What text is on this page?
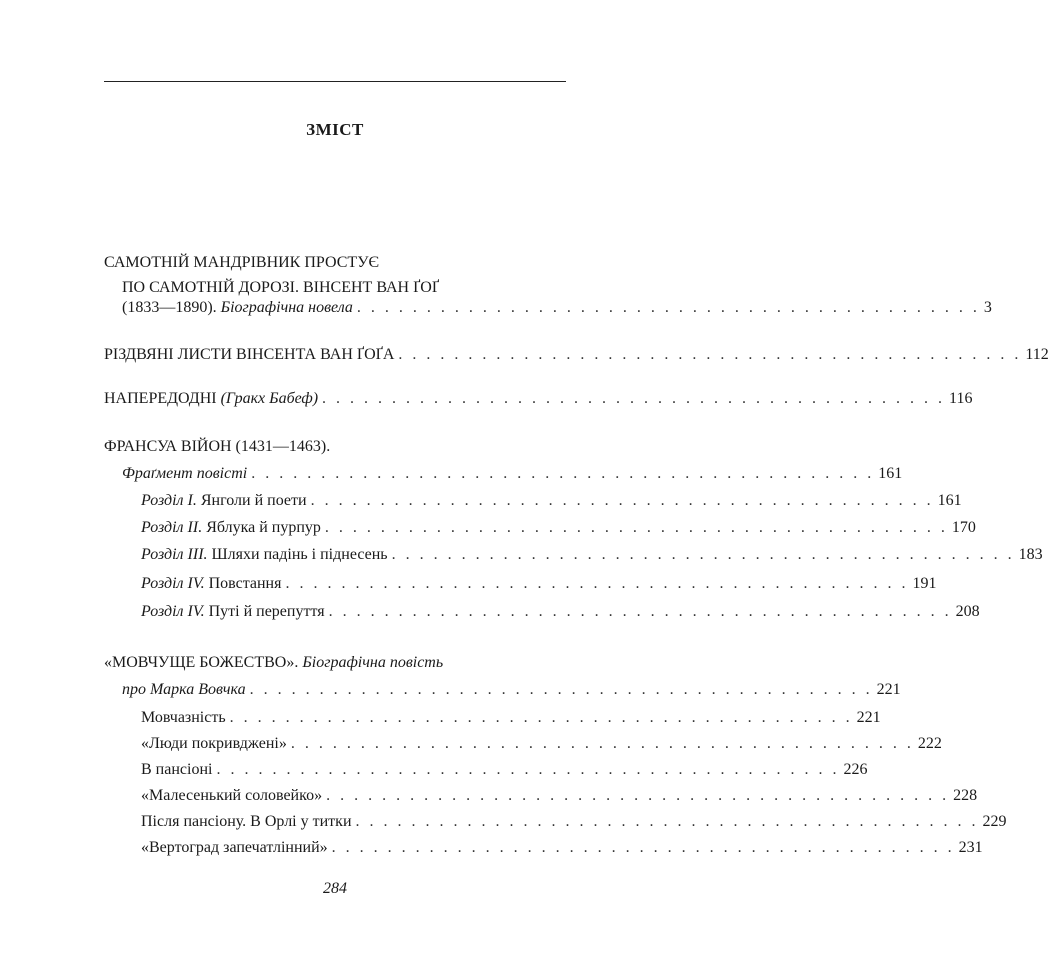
ЗМІСТ
САМОТНІЙ МАНДРІВНИК ПРОСТУЄ
ПО САМОТНІЙ ДОРОЗІ. ВІНСЕНТ ВАН ҐОҐ
(1833—1890). Біографічна новела . . . . . . . . . . . . . . . . . . . . . . . . . . . . . . . . . . . . . . . . . . . . . 3
РІЗДВЯНІ ЛИСТИ ВІНСЕНТА ВАН ҐОҐА . . . . . . . . . . . . . . . . . . . . . . . . . . . . . . . . . . . . . . . . . . . . . 112
НАПЕРЕДОДНІ (Гракх Бабеф) . . . . . . . . . . . . . . . . . . . . . . . . . . . . . . . . . . . . . . . . . . . . . 116
ФРАНСУА ВІЙОН (1431—1463).
Фраґмент повісті . . . . . . . . . . . . . . . . . . . . . . . . . . . . . . . . . . . . . . . . . . . . . 161
Розділ І. Янголи й поети . . . . . . . . . . . . . . . . . . . . . . . . . . . . . . . . . . . . . . . . . . . . . 161
Розділ ІІ. Яблука й пурпур . . . . . . . . . . . . . . . . . . . . . . . . . . . . . . . . . . . . . . . . . . . . . 170
Розділ ІІІ. Шляхи падінь і піднесень . . . . . . . . . . . . . . . . . . . . . . . . . . . . . . . . . . . . . . . . . . . . . 183
Розділ IV. Повстання . . . . . . . . . . . . . . . . . . . . . . . . . . . . . . . . . . . . . . . . . . . . . 191
Розділ IV. Путі й перепуття . . . . . . . . . . . . . . . . . . . . . . . . . . . . . . . . . . . . . . . . . . . . . 208
«МОВЧУЩЕ БОЖЕСТВО». Біографічна повість
про Марка Вовчка . . . . . . . . . . . . . . . . . . . . . . . . . . . . . . . . . . . . . . . . . . . . . 221
Мовчазність . . . . . . . . . . . . . . . . . . . . . . . . . . . . . . . . . . . . . . . . . . . . . 221
«Люди покривджені» . . . . . . . . . . . . . . . . . . . . . . . . . . . . . . . . . . . . . . . . . . . . . 222
В пансіоні . . . . . . . . . . . . . . . . . . . . . . . . . . . . . . . . . . . . . . . . . . . . . 226
«Малесенький соловейко» . . . . . . . . . . . . . . . . . . . . . . . . . . . . . . . . . . . . . . . . . . . . . 228
Після пансіону. В Орлі у титки . . . . . . . . . . . . . . . . . . . . . . . . . . . . . . . . . . . . . . . . . . . . . 229
«Вертоград запечатлінний» . . . . . . . . . . . . . . . . . . . . . . . . . . . . . . . . . . . . . . . . . . . . . 231
284
